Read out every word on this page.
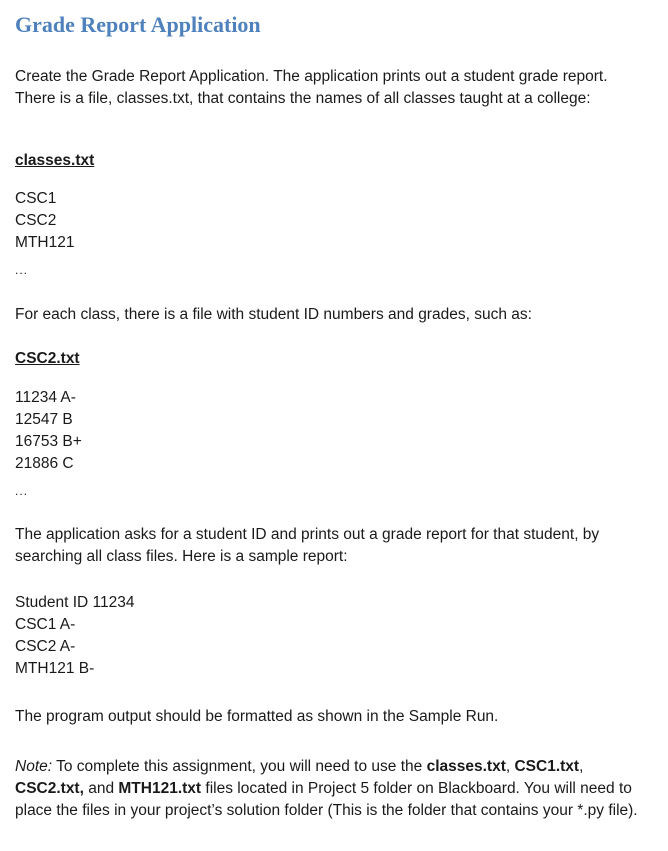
Grade Report Application

Create the Grade Report Application. The application prints out a student grade report. There is a file, classes.txt, that contains the names of all classes taught at a college:

classes.txt

CSC1
CSC2
MTH121

...

For each class, there is a file with student ID numbers and grades, such as:

CSC2.txt

11234 A-
12547 B
16753 B+
21886 C

...

The application asks for a student ID and prints out a grade report for that student, by searching all class files. Here is a sample report:

Student ID 11234
CSC1 A-
CSC2 A-
MTH121 B-

The program output should be formatted as shown in the Sample Run.

Note: To complete this assignment, you will need to use the classes.txt, CSC1.txt, CSC2.txt, and MTH121.txt files located in Project 5 folder on Blackboard. You will need to place the files in your project’s solution folder (This is the folder that contains your *.py file).
